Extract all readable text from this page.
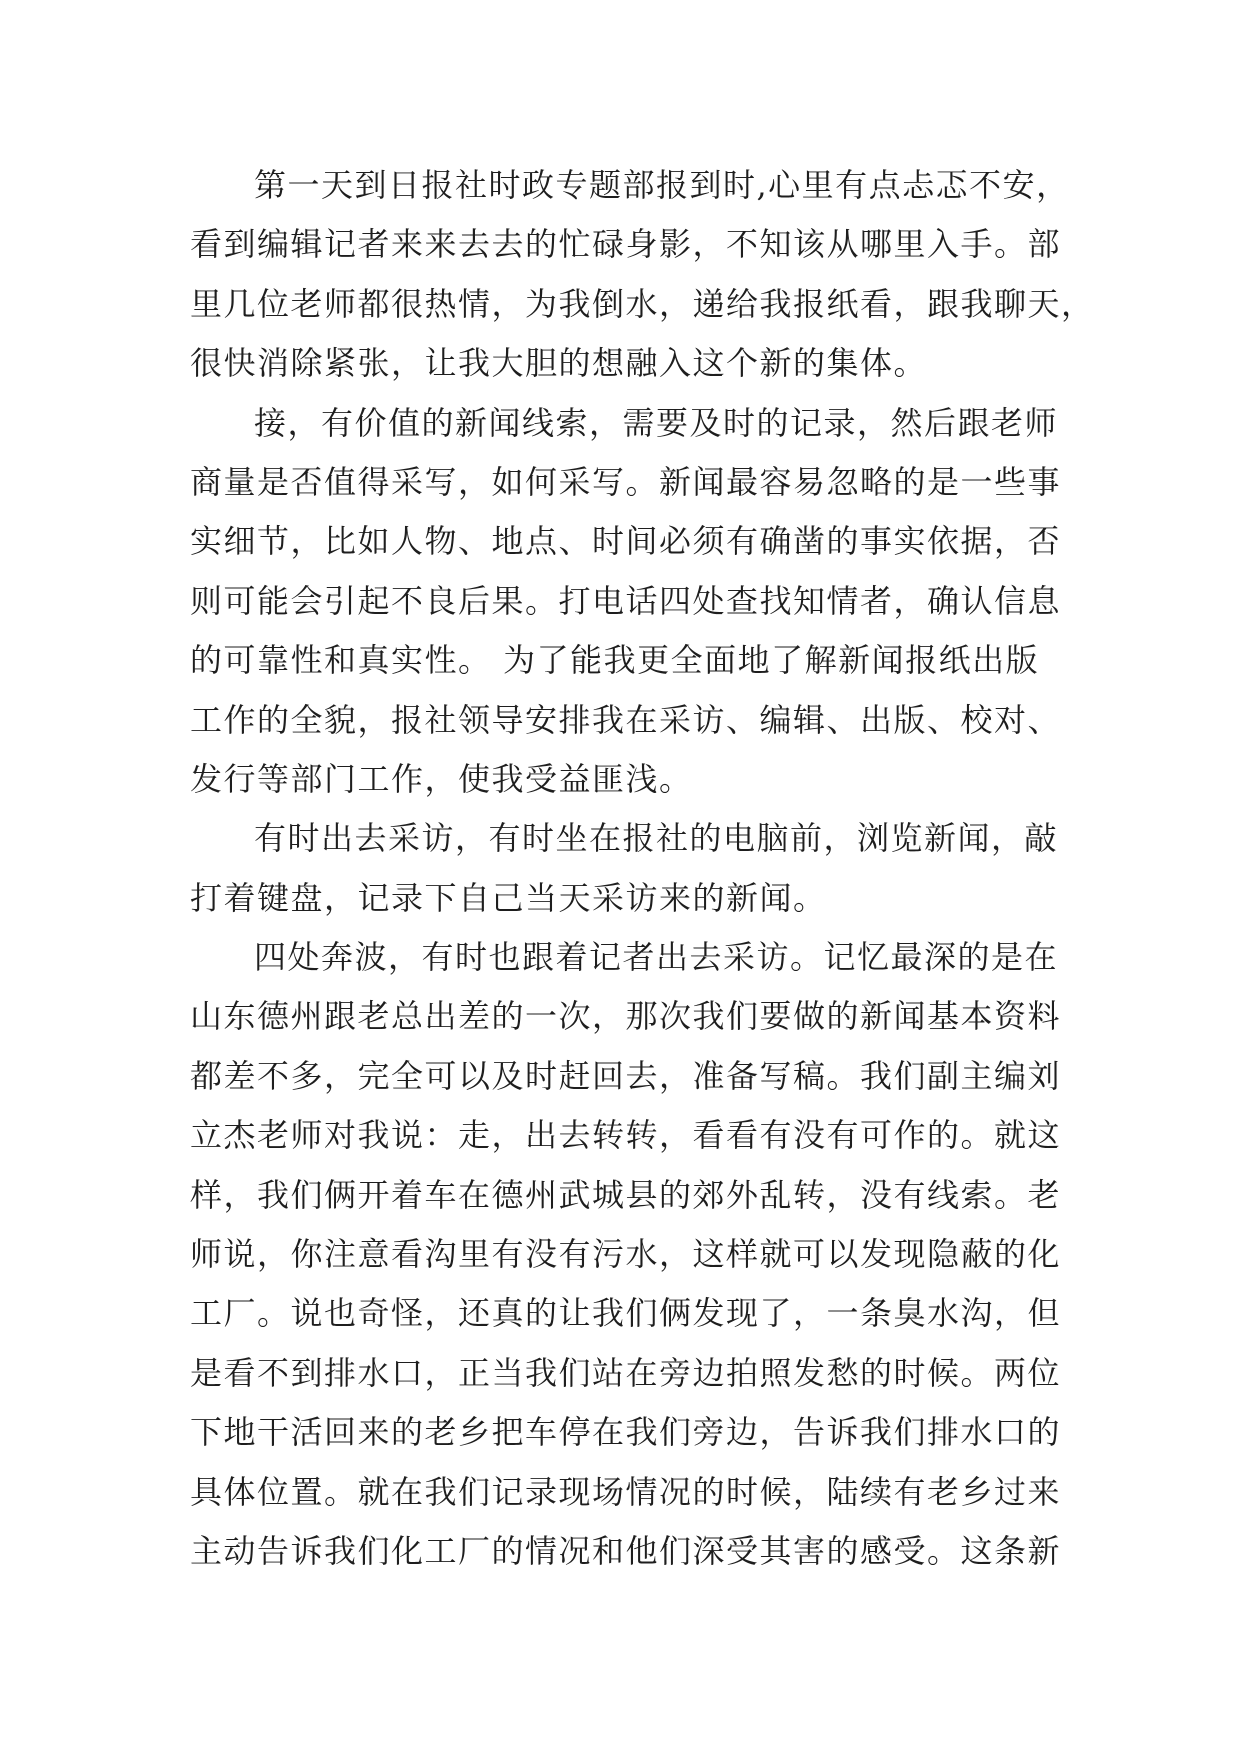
第一天到日报社时政专题部报到时,心里有点忐忑不安，
看到编辑记者来来去去的忙碌身影，不知该从哪里入手。部
里几位老师都很热情，为我倒水，递给我报纸看，跟我聊天，
很快消除紧张，让我大胆的想融入这个新的集体。
接，有价值的新闻线索，需要及时的记录，然后跟老师
商量是否值得采写，如何采写。新闻最容易忽略的是一些事
实细节，比如人物、地点、时间必须有确凿的事实依据，否
则可能会引起不良后果。打电话四处查找知情者，确认信息
的可靠性和真实性。 为了能我更全面地了解新闻报纸出版
工作的全貌，报社领导安排我在采访、编辑、出版、校对、
发行等部门工作，使我受益匪浅。
有时出去采访，有时坐在报社的电脑前，浏览新闻，敲
打着键盘，记录下自己当天采访来的新闻。
四处奔波，有时也跟着记者出去采访。记忆最深的是在
山东德州跟老总出差的一次，那次我们要做的新闻基本资料
都差不多，完全可以及时赶回去，准备写稿。我们副主编刘
立杰老师对我说：走，出去转转，看看有没有可作的。就这
样，我们俩开着车在德州武城县的郊外乱转，没有线索。老
师说，你注意看沟里有没有污水，这样就可以发现隐蔽的化
工厂。说也奇怪，还真的让我们俩发现了，一条臭水沟，但
是看不到排水口，正当我们站在旁边拍照发愁的时候。两位
下地干活回来的老乡把车停在我们旁边，告诉我们排水口的
具体位置。就在我们记录现场情况的时候，陆续有老乡过来
主动告诉我们化工厂的情况和他们深受其害的感受。这条新
